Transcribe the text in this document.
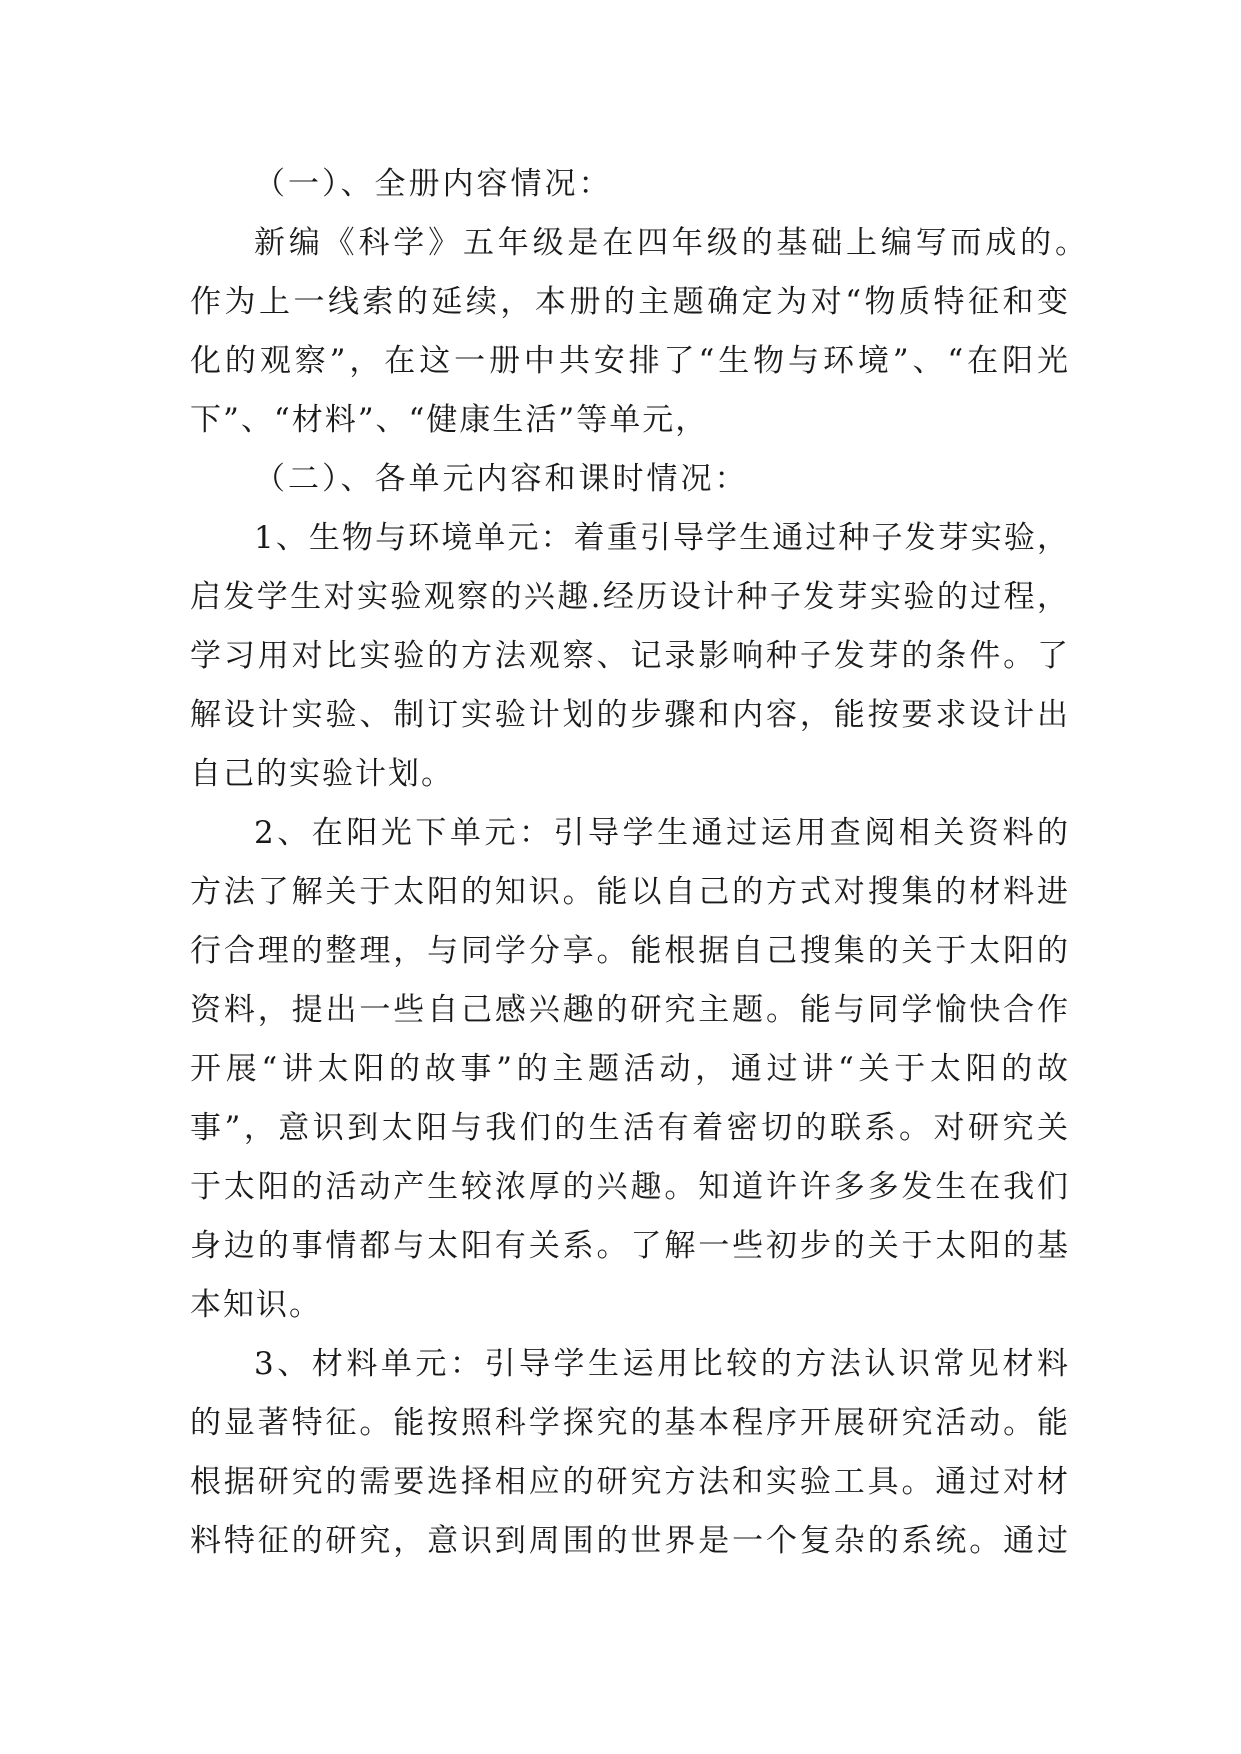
（一）、全册内容情况：
新编《科学》五年级是在四年级的基础上编写而成的。
作为上一线索的延续，本册的主题确定为对“物质特征和变
化的观察”，在这一册中共安排了“生物与环境”、“在阳光
下”、“材料”、“健康生活”等单元，
（二）、各单元内容和课时情况：
1、生物与环境单元：着重引导学生通过种子发芽实验，
启发学生对实验观察的兴趣.经历设计种子发芽实验的过程，
学习用对比实验的方法观察、记录影响种子发芽的条件。了
解设计实验、制订实验计划的步骤和内容，能按要求设计出
自己的实验计划。
2、在阳光下单元：引导学生通过运用查阅相关资料的
方法了解关于太阳的知识。能以自己的方式对搜集的材料进
行合理的整理，与同学分享。能根据自己搜集的关于太阳的
资料，提出一些自己感兴趣的研究主题。能与同学愉快合作
开展“讲太阳的故事”的主题活动，通过讲“关于太阳的故
事”，意识到太阳与我们的生活有着密切的联系。对研究关
于太阳的活动产生较浓厚的兴趣。知道许许多多发生在我们
身边的事情都与太阳有关系。了解一些初步的关于太阳的基
本知识。
3、材料单元：引导学生运用比较的方法认识常见材料
的显著特征。能按照科学探究的基本程序开展研究活动。能
根据研究的需要选择相应的研究方法和实验工具。通过对材
料特征的研究，意识到周围的世界是一个复杂的系统。通过
